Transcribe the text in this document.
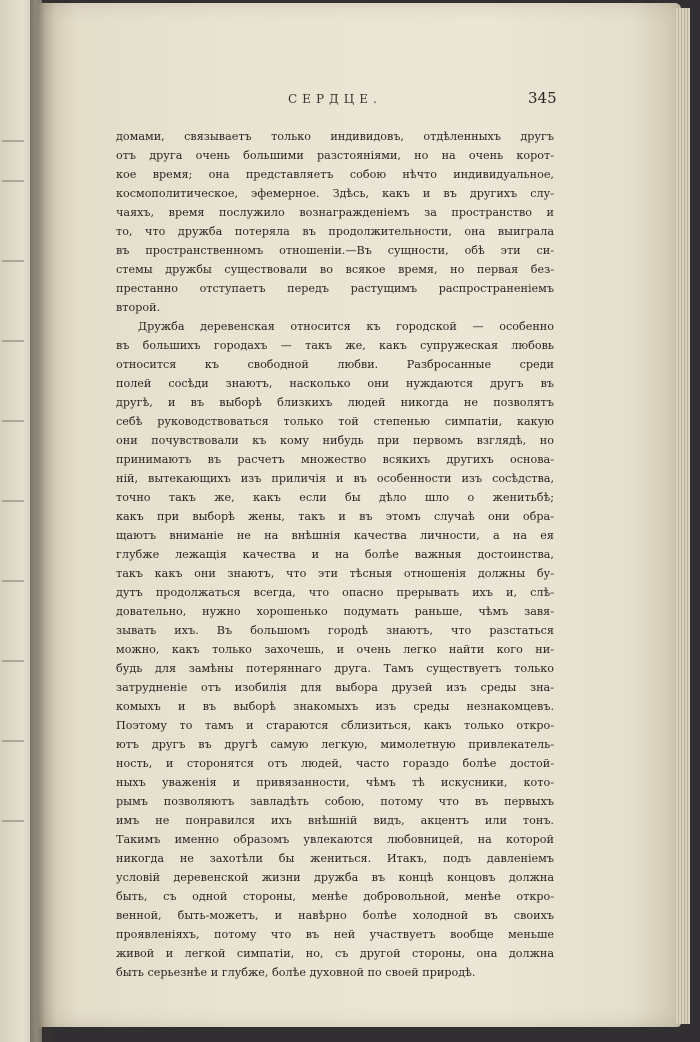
СЕРДЦЕ.	345

домами, связываетъ только индивидовъ, отдѣленныхъ другъ
отъ друга очень большими разстояніями, но на очень корот-
кое время; она представляетъ собою нѣчто индивидуальное,
космополитическое, эфемерное. Здѣсь, какъ и въ другихъ слу-
чаяхъ, время послужило вознагражденіемъ за пространство и
то, что дружба потеряла въ продолжительности, она выиграла
въ пространственномъ отношеніи.—Въ сущности, обѣ эти си-
стемы дружбы существовали во всякое время, но первая без-
престанно отступаетъ передъ растущимъ распространеніемъ
второй.

Дружба деревенская относится къ городской — особенно
въ большихъ городахъ — такъ же, какъ супружеская любовь
относится къ свободной любви. Разбросанные среди
полей сосѣди знаютъ, насколько они нуждаются другъ въ
другѣ, и въ выборѣ близкихъ людей никогда не позволятъ
себѣ руководствоваться только той степенью симпатіи, какую
они почувствовали къ кому нибудь при первомъ взглядѣ, но
принимаютъ въ расчетъ множество всякихъ другихъ основа-
ній, вытекающихъ изъ приличія и въ особенности изъ сосѣдства,
точно такъ же, какъ если бы дѣло шло о женитьбѣ;
какъ при выборѣ жены, такъ и въ этомъ случаѣ они обра-
щаютъ вниманіе не на внѣшнія качества личности, а на ея
глубже лежащія качества и на болѣе важныя достоинства,
такъ какъ они знаютъ, что эти тѣсныя отношенія должны бу-
дутъ продолжаться всегда, что опасно прерывать ихъ и, слѣ-
довательно, нужно хорошенько подумать раньше, чѣмъ завя-
зывать ихъ. Въ большомъ городѣ знаютъ, что разстаться
можно, какъ только захочешь, и очень легко найти кого ни-
будь для замѣны потеряннаго друга. Тамъ существуетъ только
затрудненіе отъ изобилія для выбора друзей изъ среды зна-
комыхъ и въ выборѣ знакомыхъ изъ среды незнакомцевъ.
Поэтому то тамъ и стараются сблизиться, какъ только откро-
ютъ другъ въ другѣ самую легкую, мимолетную привлекатель-
ность, и сторонятся отъ людей, часто гораздо болѣе достой-
ныхъ уваженія и привязанности, чѣмъ тѣ искусники, кото-
рымъ позволяютъ завладѣть собою, потому что въ первыхъ
имъ не понравился ихъ внѣшній видъ, акцентъ или тонъ.
Такимъ именно образомъ увлекаются любовницей, на которой
никогда не захотѣли бы жениться. Итакъ, подъ давленіемъ
условій деревенской жизни дружба въ концѣ концовъ должна
быть, съ одной стороны, менѣе добровольной, менѣе откро-
венной, быть-можетъ, и навѣрно болѣе холодной въ своихъ
проявленіяхъ, потому что въ ней участвуетъ вообще меньше
живой и легкой симпатіи, но, съ другой стороны, она должна
быть серьезнѣе и глубже, болѣе духовной по своей природѣ.
